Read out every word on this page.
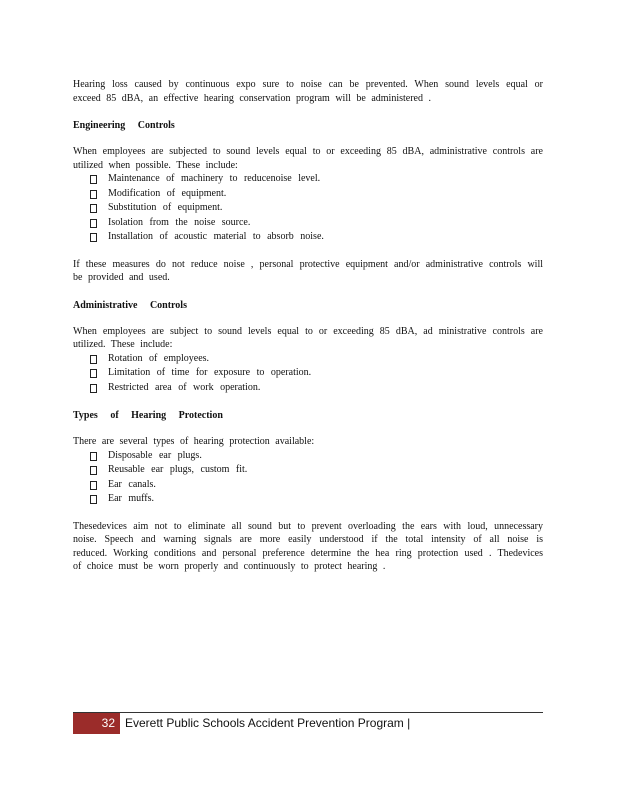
Hearing loss caused by continuous expo sure to noise can be prevented. When sound levels equal or exceed 85 dBA, an effective hearing conservation program will be administered .

Engineering Controls

When employees are subjected to sound levels equal to or exceeding 85 dBA, administrative controls are utilized when possible. These include:

Maintenance of machinery to reducenoise level.
Modification of equipment.
Substitution of equipment.
Isolation from the noise source.
Installation of acoustic material to absorb noise.

If these measures do not reduce noise , personal protective equipment and/or administrative controls will be provided and used.

Administrative Controls

When employees are subject to sound levels equal to or exceeding 85 dBA, ad ministrative controls are utilized. These include:

Rotation of employees.
Limitation of time for exposure to operation.
Restricted area of work operation.
Types of Hearing Protection

There are several types of hearing protection available:

Disposable ear plugs.
Reusable ear plugs, custom fit.
Ear canals.
Ear muffs.

Thesedevices aim not to eliminate all sound but to prevent overloading the ears with loud, unnecessary noise. Speech and warning signals are more easily understood if the total intensity of all noise is reduced. Working conditions and personal preference determine the hea ring protection used . Thedevices of choice must be worn properly and continuously to protect hearing .

32 Everett Public Schools Accident Prevention Program |
